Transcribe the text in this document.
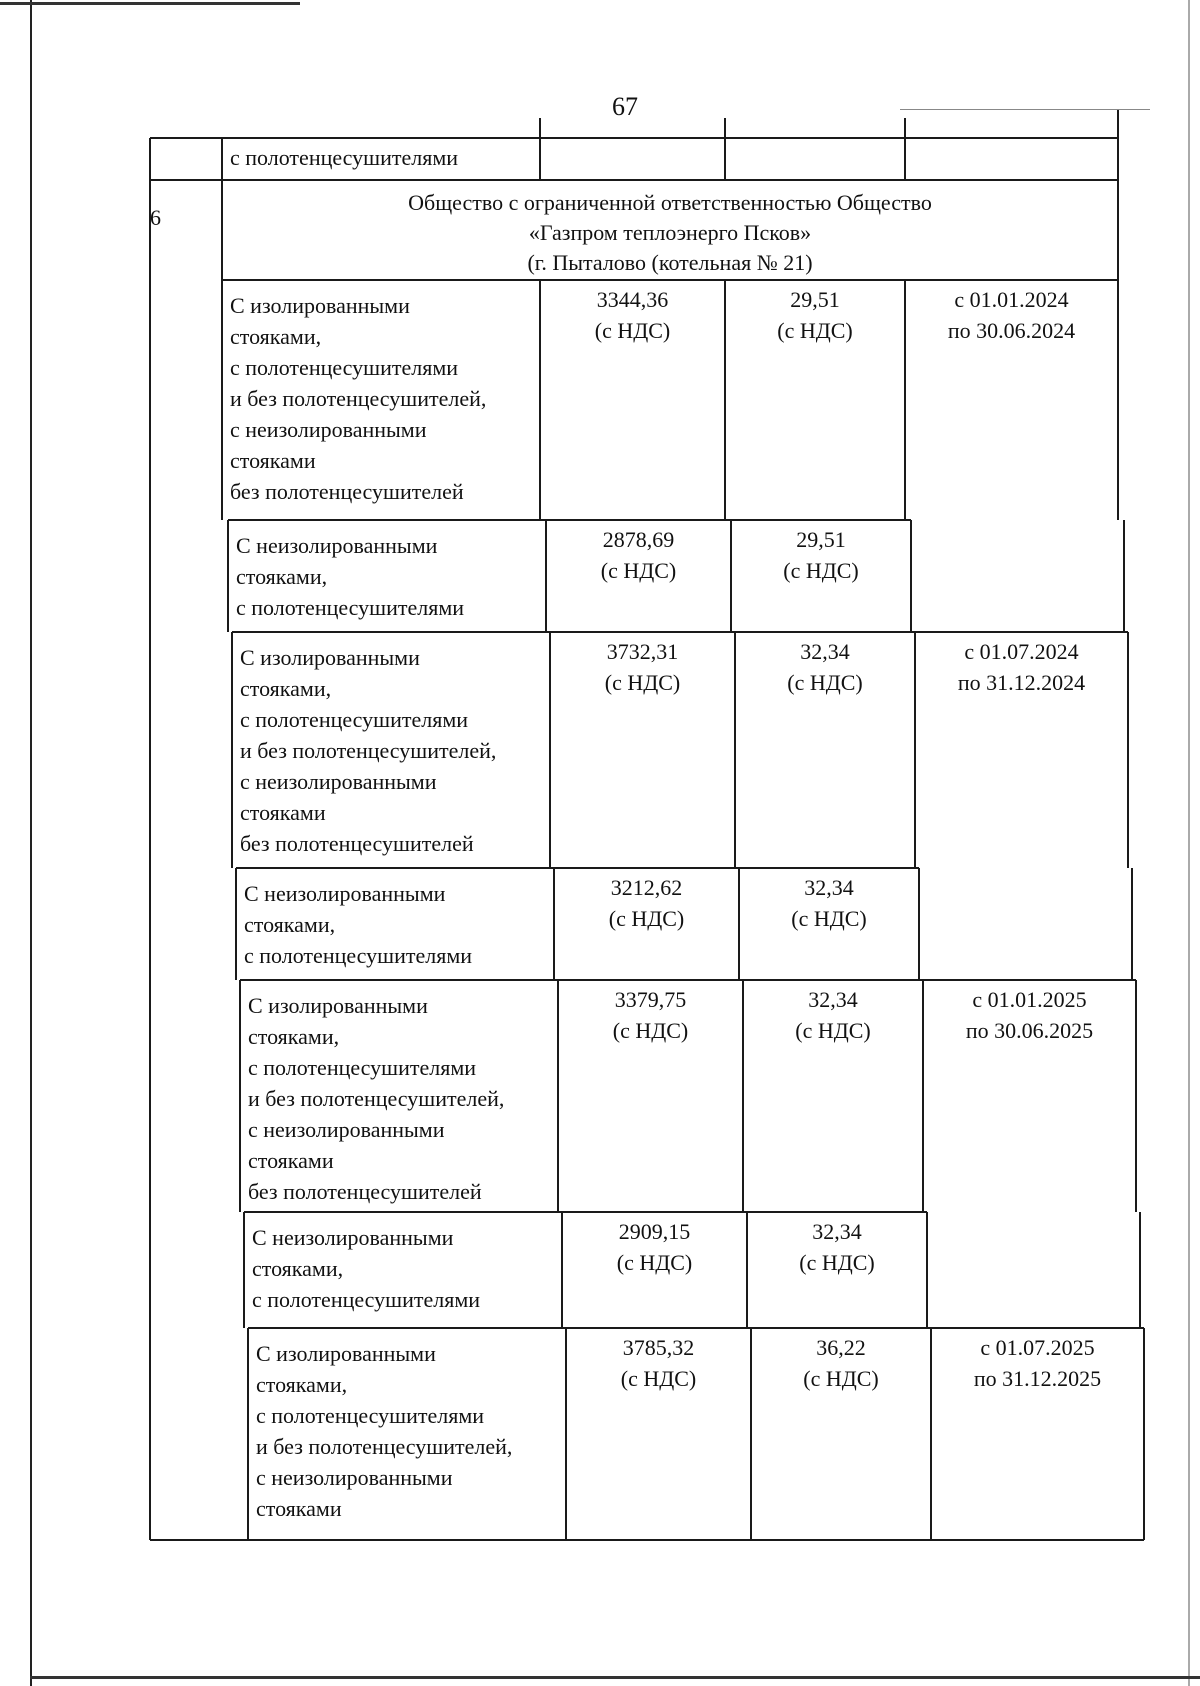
67
с полотенцесушителями
6
Общество с ограниченной ответственностью Общество
«Газпром теплоэнерго Псков»
(г. Пыталово (котельная № 21)
С изолированными
стояками,
с полотенцесушителями
и без полотенцесушителей,
с неизолированными
стояками
без полотенцесушителей
3344,36
(с НДС)
29,51
(с НДС)
с 01.01.2024
по 30.06.2024
С неизолированными
стояками,
с полотенцесушителями
2878,69
(с НДС)
29,51
(с НДС)
С изолированными
стояками,
с полотенцесушителями
и без полотенцесушителей,
с неизолированными
стояками
без полотенцесушителей
3732,31
(с НДС)
32,34
(с НДС)
с 01.07.2024
по 31.12.2024
С неизолированными
стояками,
с полотенцесушителями
3212,62
(с НДС)
32,34
(с НДС)
С изолированными
стояками,
с полотенцесушителями
и без полотенцесушителей,
с неизолированными
стояками
без полотенцесушителей
3379,75
(с НДС)
32,34
(с НДС)
с 01.01.2025
по 30.06.2025
С неизолированными
стояками,
с полотенцесушителями
2909,15
(с НДС)
32,34
(с НДС)
С изолированными
стояками,
с полотенцесушителями
и без полотенцесушителей,
с неизолированными
стояками
3785,32
(с НДС)
36,22
(с НДС)
с 01.07.2025
по 31.12.2025
